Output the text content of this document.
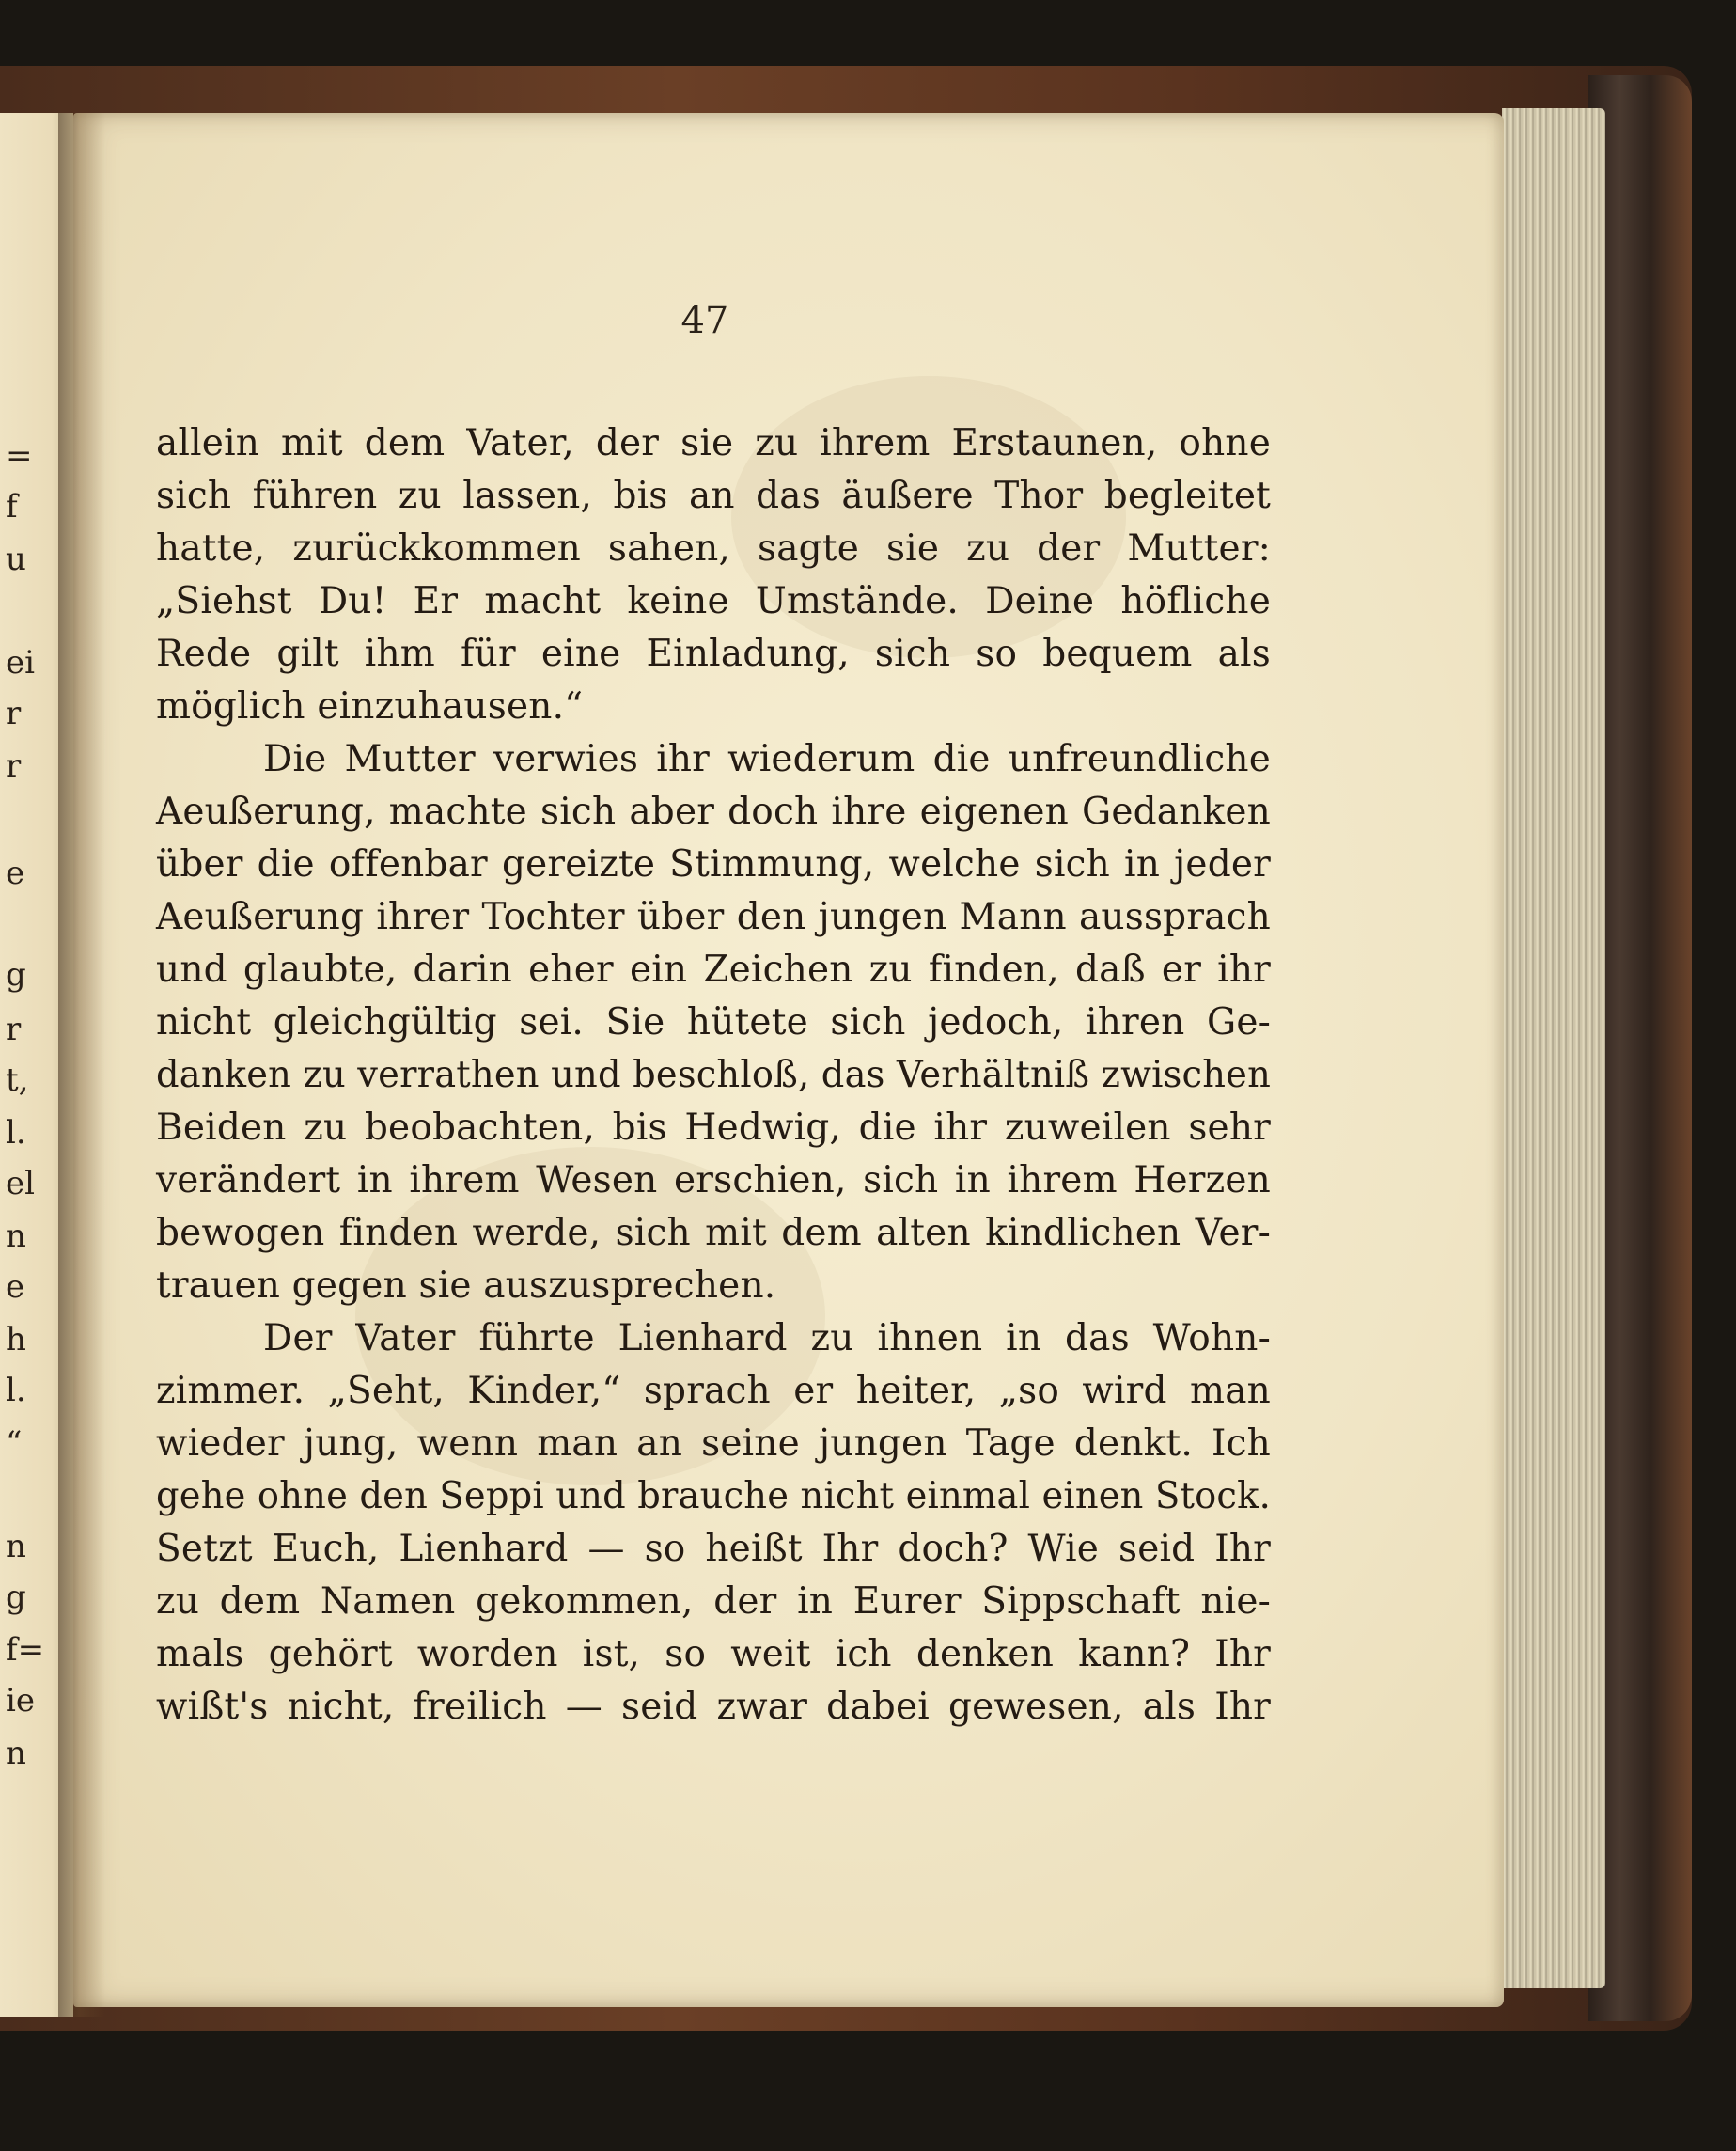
=
f
u
ei
r
r
e
g
r
t,
l.
el
n
e
h
l.
“
n
g
f=
ie
n
47
allein mit dem Vater, der sie zu ihrem Erstaunen, ohne
sich führen zu lassen, bis an das äußere Thor begleitet
hatte, zurückkommen sahen, sagte sie zu der Mutter:
„Siehst Du! Er macht keine Umstände. Deine höfliche
Rede gilt ihm für eine Einladung, sich so bequem als
möglich einzuhausen.“
Die Mutter verwies ihr wiederum die unfreundliche
Aeußerung, machte sich aber doch ihre eigenen Gedanken
über die offenbar gereizte Stimmung, welche sich in jeder
Aeußerung ihrer Tochter über den jungen Mann aussprach
und glaubte, darin eher ein Zeichen zu finden, daß er ihr
nicht gleichgültig sei. Sie hütete sich jedoch, ihren Ge-
danken zu verrathen und beschloß, das Verhältniß zwischen
Beiden zu beobachten, bis Hedwig, die ihr zuweilen sehr
verändert in ihrem Wesen erschien, sich in ihrem Herzen
bewogen finden werde, sich mit dem alten kindlichen Ver-
trauen gegen sie auszusprechen.
Der Vater führte Lienhard zu ihnen in das Wohn-
zimmer. „Seht, Kinder,“ sprach er heiter, „so wird man
wieder jung, wenn man an seine jungen Tage denkt. Ich
gehe ohne den Seppi und brauche nicht einmal einen Stock.
Setzt Euch, Lienhard — so heißt Ihr doch? Wie seid Ihr
zu dem Namen gekommen, der in Eurer Sippschaft nie-
mals gehört worden ist, so weit ich denken kann? Ihr
wißt's nicht, freilich — seid zwar dabei gewesen, als Ihr
